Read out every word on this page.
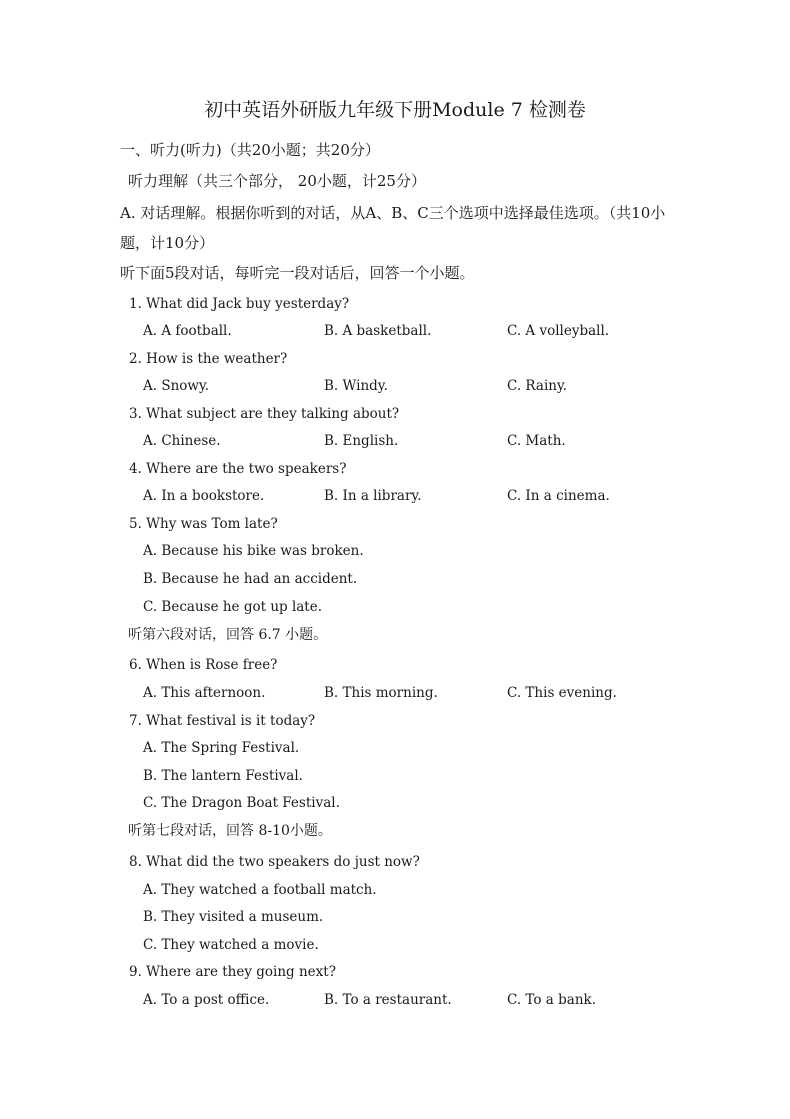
初中英语外研版九年级下册Module 7 检测卷
一、听力(听力)（共20小题；共20分）
听力理解（共三个部分， 20小题，计25分）
A. 对话理解。根据你听到的对话，从A、B、C三个选项中选择最佳选项。（共10小题，计10分）
听下面5段对话，每听完一段对话后，回答一个小题。
1. What did Jack buy yesterday?
A. A football.	B. A basketball.	C. A volleyball.
2. How is the weather?
A. Snowy.	B. Windy.	C. Rainy.
3. What subject are they talking about?
A. Chinese.	B. English.	C. Math.
4. Where are the two speakers?
A. In a bookstore.	B. In a library.	C. In a cinema.
5. Why was Tom late?
A. Because his bike was broken.
B. Because he had an accident.
C. Because he got up late.
听第六段对话，回答 6.7 小题。
6. When is Rose free?
A. This afternoon.	B. This morning.	C. This evening.
7. What festival is it today?
A. The Spring Festival.
B. The lantern Festival.
C. The Dragon Boat Festival.
听第七段对话，回答 8-10小题。
8. What did the two speakers do just now?
A. They watched a football match.
B. They visited a museum.
C. They watched a movie.
9. Where are they going next?
A. To a post office.	B. To a restaurant.	C. To a bank.
